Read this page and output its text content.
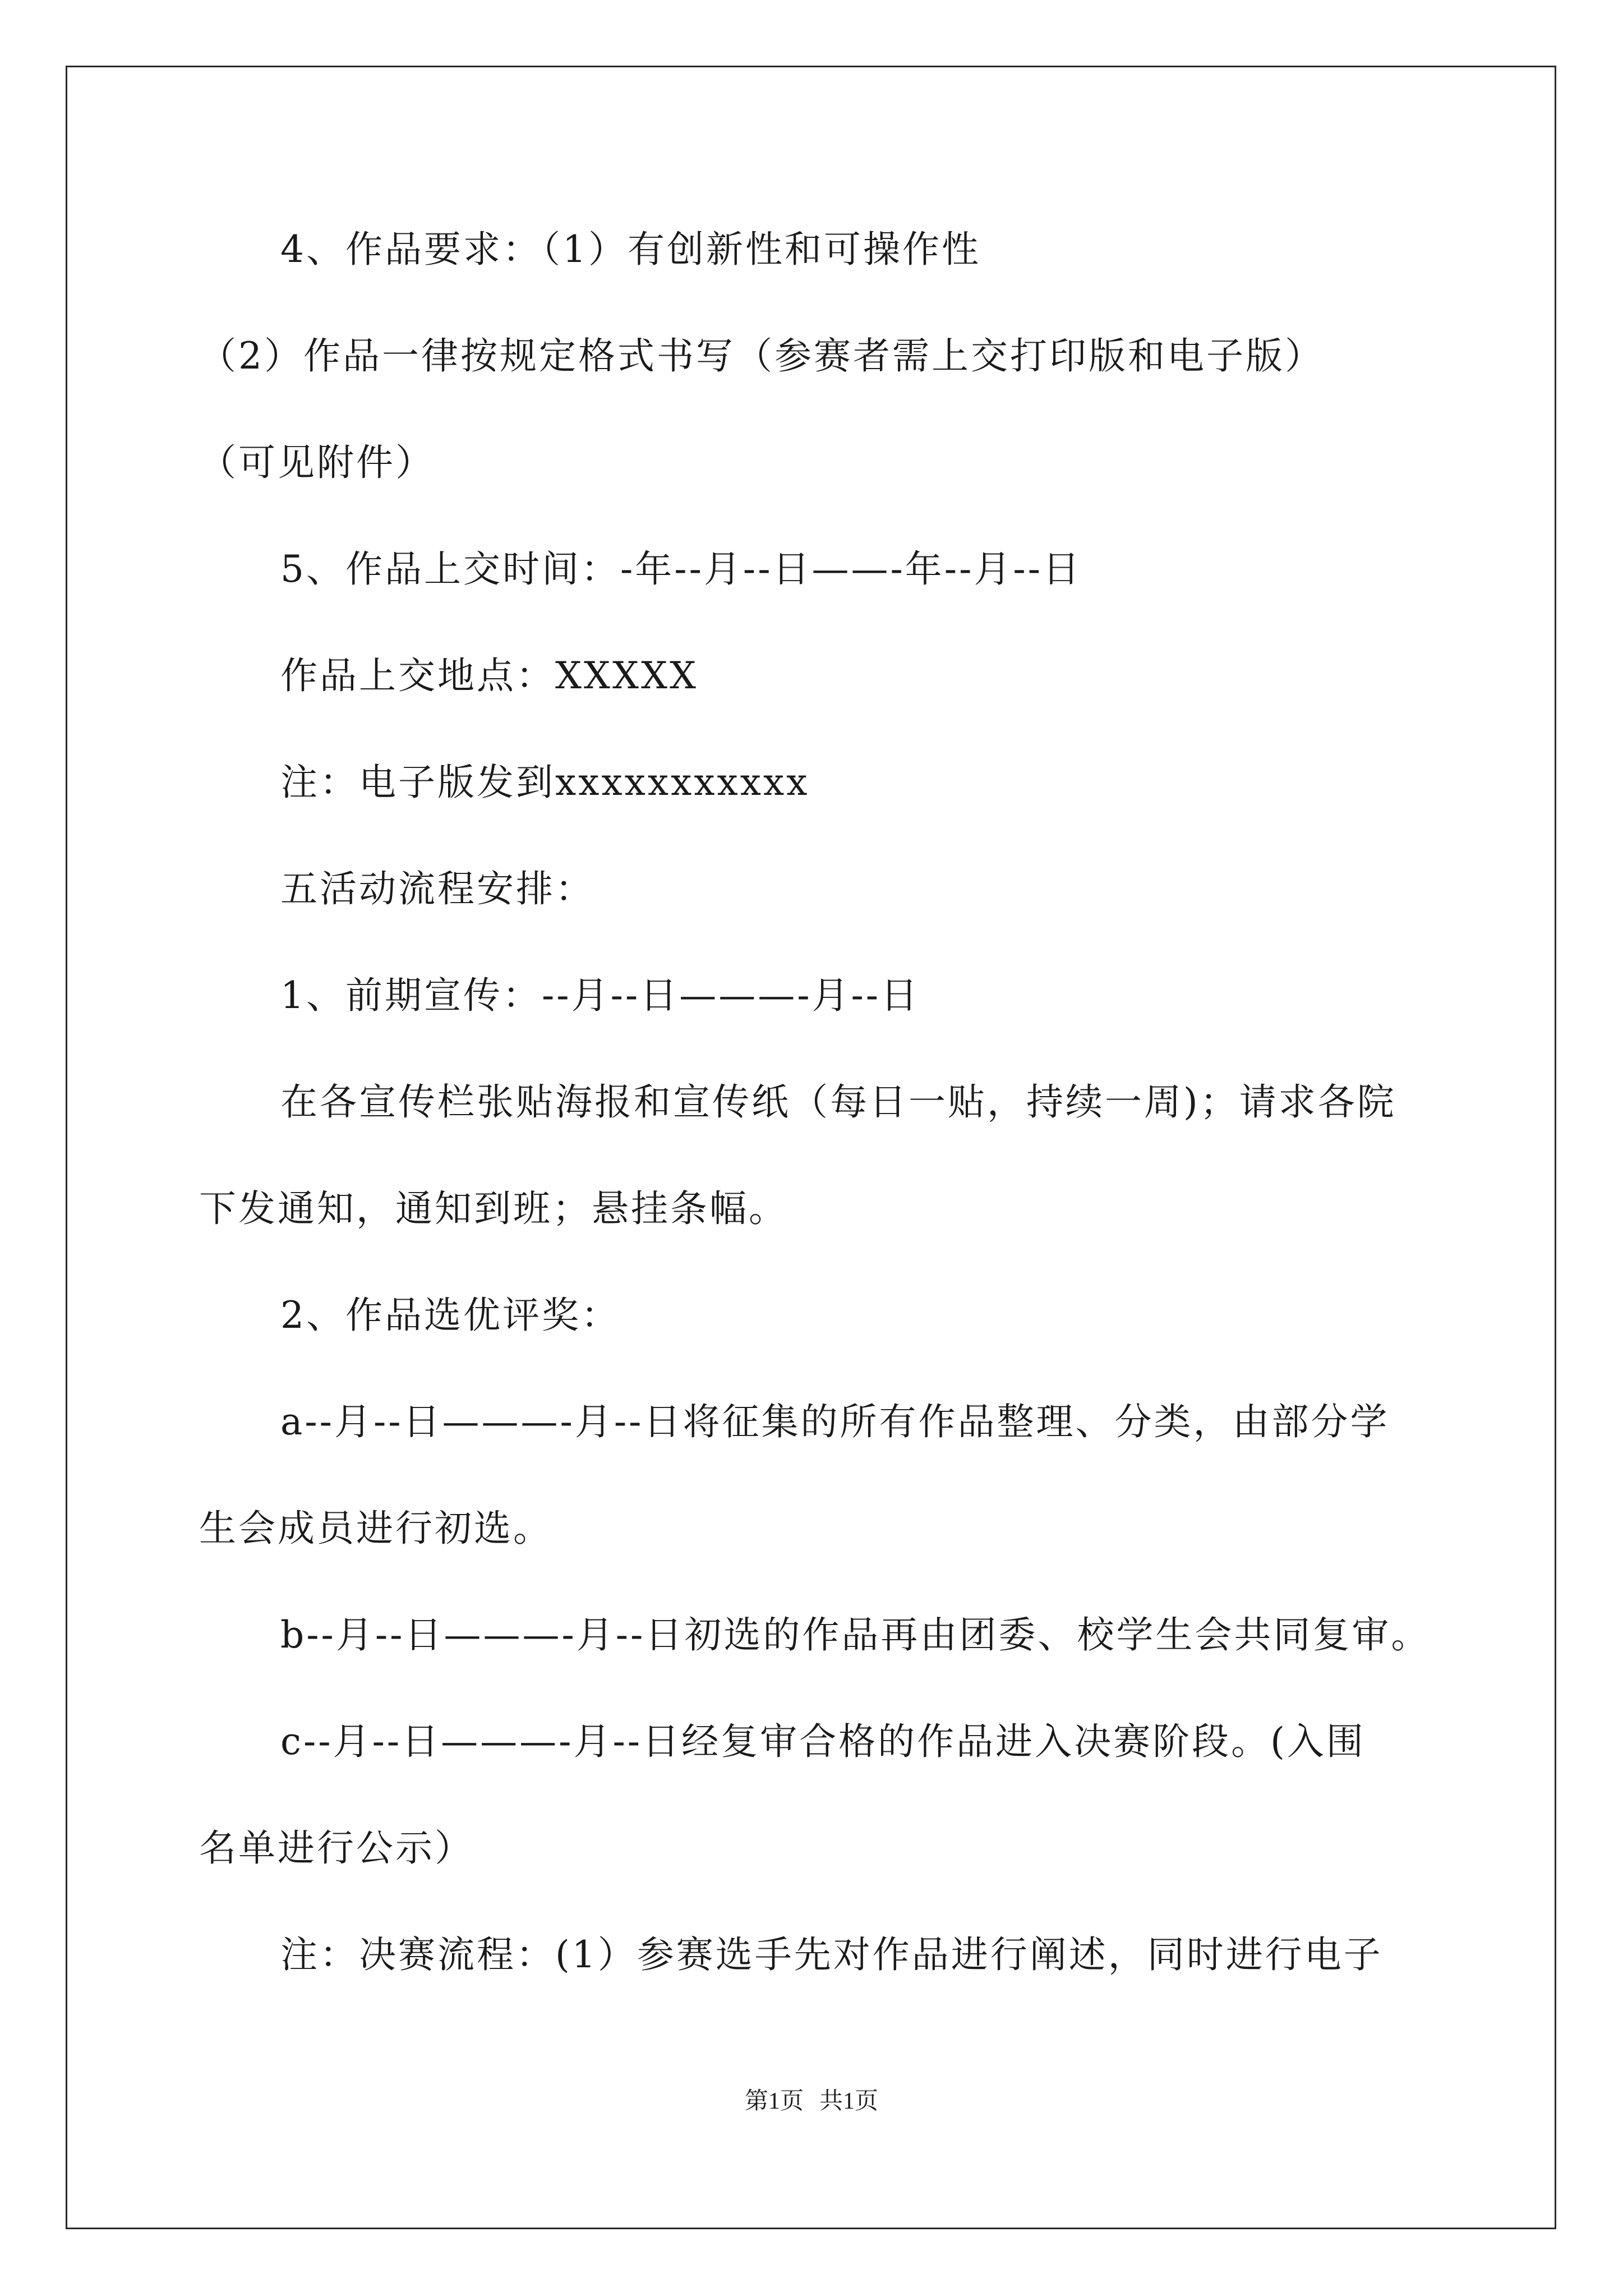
4、作品要求：（1）有创新性和可操作性
（2）作品一律按规定格式书写（参赛者需上交打印版和电子版）
（可见附件）
5、作品上交时间：-年--月--日——-年--月--日
作品上交地点：XXXXX
注：电子版发到xxxxxxxxxxx
五活动流程安排：
1、前期宣传：--月--日———-月--日
在各宣传栏张贴海报和宣传纸（每日一贴，持续一周)；请求各院
下发通知，通知到班；悬挂条幅。
2、作品选优评奖：
a--月--日———-月--日将征集的所有作品整理、分类，由部分学
生会成员进行初选。
b--月--日———-月--日初选的作品再由团委、校学生会共同复审。
c--月--日———-月--日经复审合格的作品进入决赛阶段。(入围
名单进行公示）
注：决赛流程：(1）参赛选手先对作品进行阐述，同时进行电子
第1页 共1页
